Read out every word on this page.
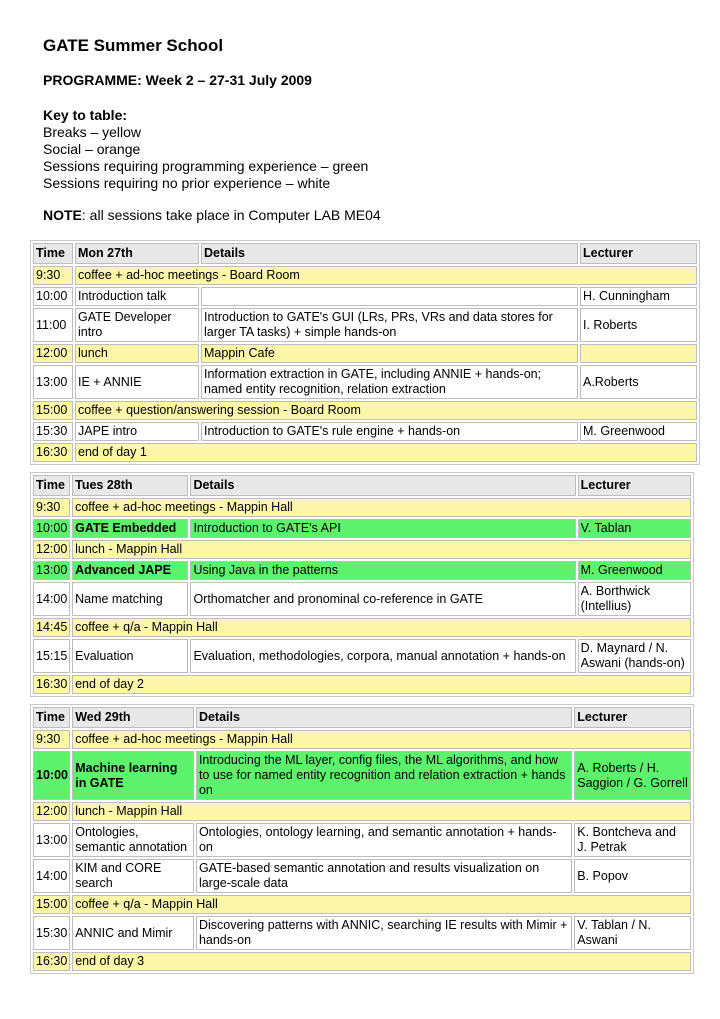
GATE Summer School
PROGRAMME: Week 2 – 27-31 July 2009
Key to table:
Breaks – yellow
Social – orange
Sessions requiring programming experience – green
Sessions requiring no prior experience – white
NOTE: all sessions take place in Computer LAB ME04
Time	Mon 27th	Details	Lecturer
9:30	coffee + ad-hoc meetings - Board Room		
10:00	Introduction talk		H. Cunningham
11:00	GATE Developer intro	Introduction to GATE's GUI (LRs, PRs, VRs and data stores for larger TA tasks) + simple hands-on	I. Roberts
12:00	lunch	Mappin Cafe	
13:00	IE + ANNIE	Information extraction in GATE, including ANNIE + hands-on; named entity recognition, relation extraction	A.Roberts
15:00	coffee + question/answering session - Board Room		
15:30	JAPE intro	Introduction to GATE's rule engine + hands-on	M. Greenwood
16:30	end of day 1		
Time	Tues 28th	Details	Lecturer
9:30	coffee + ad-hoc meetings - Mappin Hall		
10:00	GATE Embedded	Introduction to GATE's API	V. Tablan
12:00	lunch - Mappin Hall		
13:00	Advanced JAPE	Using Java in the patterns	M. Greenwood
14:00	Name matching	Orthomatcher and pronominal co-reference in GATE	A. Borthwick (Intellius)
14:45	coffee + q/a - Mappin Hall		
15:15	Evaluation	Evaluation, methodologies, corpora, manual annotation + hands-on	D. Maynard / N. Aswani (hands-on)
16:30	end of day 2		
Time	Wed 29th	Details	Lecturer
9:30	coffee + ad-hoc meetings - Mappin Hall		
10:00	Machine learning in GATE	Introducing the ML layer, config files, the ML algorithms, and how to use for named entity recognition and relation extraction + hands on	A. Roberts / H. Saggion / G. Gorrell
12:00	lunch - Mappin Hall		
13:00	Ontologies, semantic annotation	Ontologies, ontology learning, and semantic annotation + hands-on	K. Bontcheva and J. Petrak
14:00	KIM and CORE search	GATE-based semantic annotation and results visualization on large-scale data	B. Popov
15:00	coffee + q/a - Mappin Hall		
15:30	ANNIC and Mimir	Discovering patterns with ANNIC, searching IE results with Mimir + hands-on	V. Tablan / N. Aswani
16:30	end of day 3		
